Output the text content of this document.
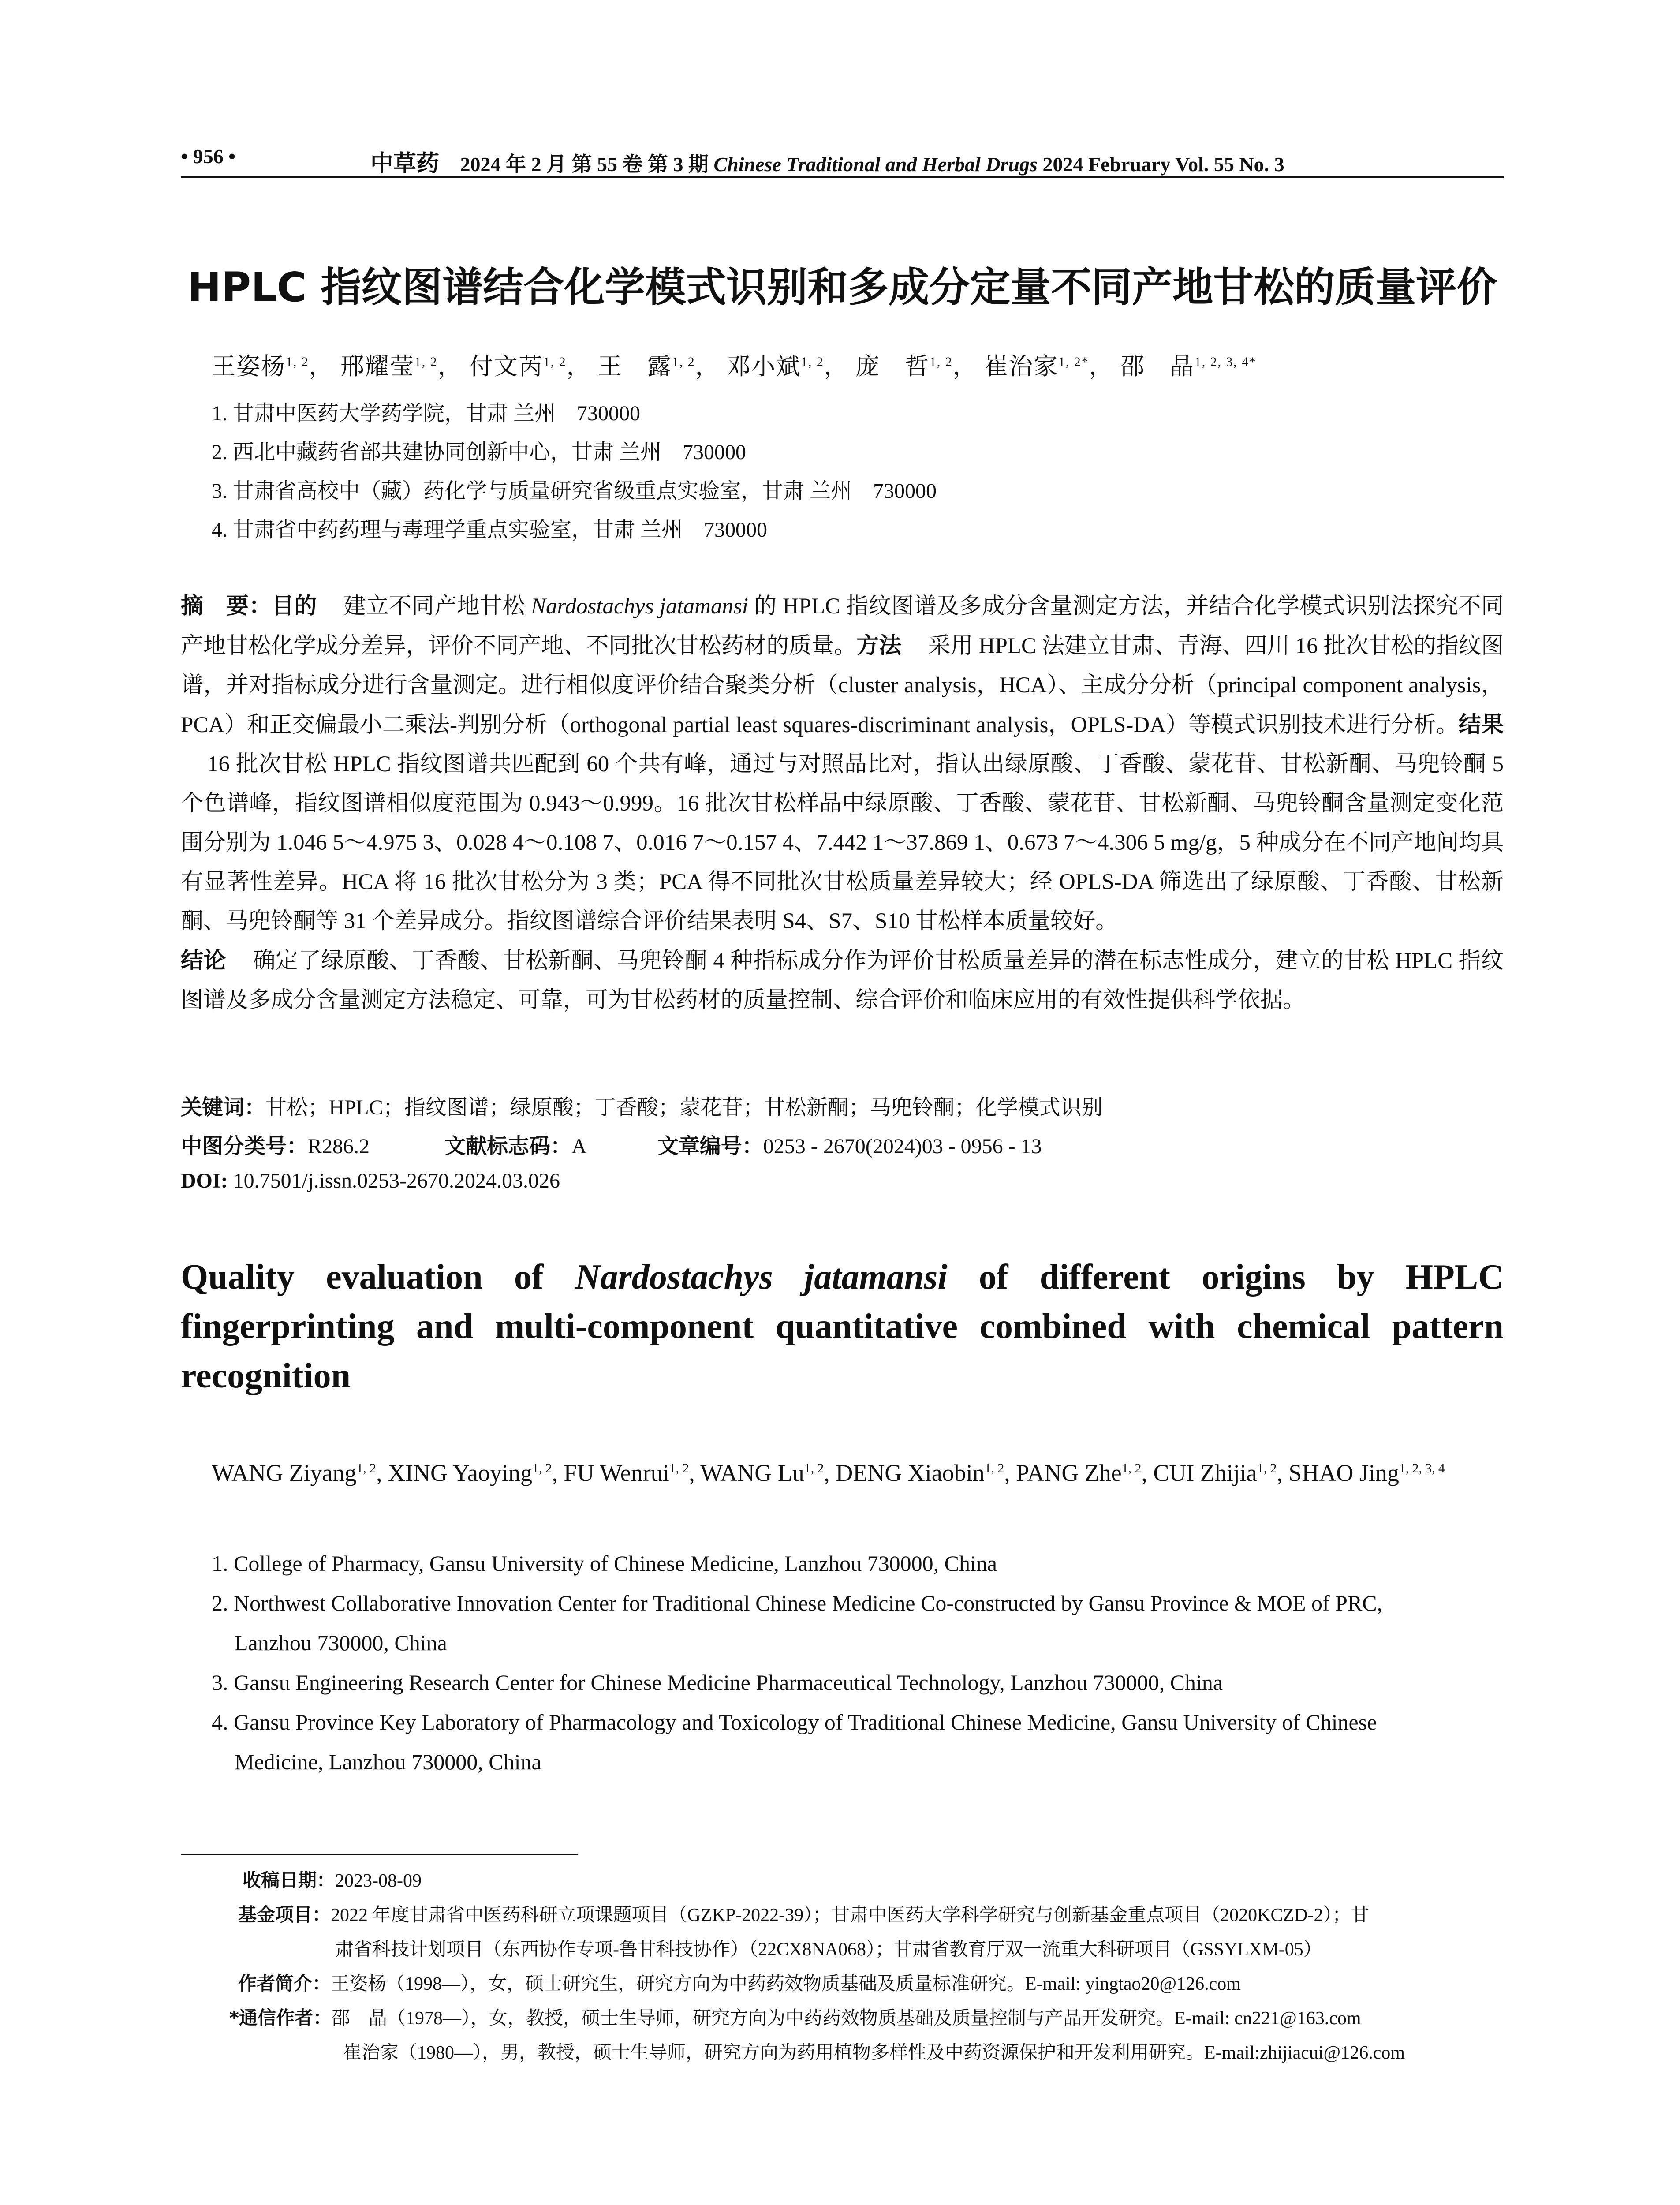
• 956 •	中草药 2024 年 2 月 第 55 卷 第 3 期 Chinese Traditional and Herbal Drugs 2024 February Vol. 55 No. 3
HPLC 指纹图谱结合化学模式识别和多成分定量不同产地甘松的质量评价
王姿杨$^{1, 2}$， 邢耀莹$^{1, 2}$， 付文芮$^{1, 2}$， 王　露$^{1, 2}$， 邓小斌$^{1, 2}$， 庞　哲$^{1, 2}$， 崔治家$^{1, 2*}$， 邵　晶$^{1, 2, 3, 4*}$
1. 甘肃中医药大学药学院，甘肃 兰州　730000
2. 西北中藏药省部共建协同创新中心，甘肃 兰州　730000
3. 甘肃省高校中（藏）药化学与质量研究省级重点实验室，甘肃 兰州　730000
4. 甘肃省中药药理与毒理学重点实验室，甘肃 兰州　730000
摘　要：目的 建立不同产地甘松 Nardostachys jatamansi 的 HPLC 指纹图谱及多成分含量测定方法，并结合化学模式识别法探究不同产地甘松化学成分差异，评价不同产地、不同批次甘松药材的质量。方法 采用 HPLC 法建立甘肃、青海、四川 16 批次甘松的指纹图谱，并对指标成分进行含量测定。进行相似度评价结合聚类分析（cluster analysis，HCA）、主成分分析（principal component analysis，PCA）和正交偏最小二乘法-判别分析（orthogonal partial least squares-discriminant analysis，OPLS-DA）等模式识别技术进行分析。结果16 批次甘松 HPLC 指纹图谱共匹配到 60 个共有峰，通过与对照品比对，指认出绿原酸、丁香酸、蒙花苷、甘松新酮、马兜铃酮 5 个色谱峰，指纹图谱相似度范围为 0.943～0.999。16 批次甘松样品中绿原酸、丁香酸、蒙花苷、甘松新酮、马兜铃酮含量测定变化范围分别为 1.046 5～4.975 3、0.028 4～0.108 7、0.016 7～0.157 4、7.442 1～37.869 1、0.673 7～4.306 5 mg/g，5 种成分在不同产地间均具有显著性差异。HCA 将 16 批次甘松分为 3 类；PCA 得不同批次甘松质量差异较大；经 OPLS-DA 筛选出了绿原酸、丁香酸、甘松新酮、马兜铃酮等 31 个差异成分。指纹图谱综合评价结果表明 S4、S7、S10 甘松样本质量较好。
结论 确定了绿原酸、丁香酸、甘松新酮、马兜铃酮 4 种指标成分作为评价甘松质量差异的潜在标志性成分，建立的甘松 HPLC 指纹图谱及多成分含量测定方法稳定、可靠，可为甘松药材的质量控制、综合评价和临床应用的有效性提供科学依据。
关键词：甘松；HPLC；指纹图谱；绿原酸；丁香酸；蒙花苷；甘松新酮；马兜铃酮；化学模式识别
中图分类号：R286.2	文献标志码：A	文章编号：0253 - 2670(2024)03 - 0956 - 13
DOI: 10.7501/j.issn.0253-2670.2024.03.026
Quality evaluation of Nardostachys jatamansi of different origins by HPLC fingerprinting and multi-component quantitative combined with chemical pattern recognition
WANG Ziyang$^{1, 2}$, XING Yaoying$^{1, 2}$, FU Wenrui$^{1, 2}$, WANG Lu$^{1, 2}$, DENG Xiaobin$^{1, 2}$, PANG Zhe$^{1, 2}$, CUI Zhijia$^{1, 2}$, SHAO Jing$^{1, 2, 3, 4}$
1. College of Pharmacy, Gansu University of Chinese Medicine, Lanzhou 730000, China
2. Northwest Collaborative Innovation Center for Traditional Chinese Medicine Co-constructed by Gansu Province & MOE of PRC,
Lanzhou 730000, China
3. Gansu Engineering Research Center for Chinese Medicine Pharmaceutical Technology, Lanzhou 730000, China
4. Gansu Province Key Laboratory of Pharmacology and Toxicology of Traditional Chinese Medicine, Gansu University of Chinese
Medicine, Lanzhou 730000, China
收稿日期：2023-08-09
基金项目：2022 年度甘肃省中医药科研立项课题项目（GZKP-2022-39）；甘肃中医药大学科学研究与创新基金重点项目（2020KCZD-2）；甘
肃省科技计划项目（东西协作专项-鲁甘科技协作）（22CX8NA068）；甘肃省教育厅双一流重大科研项目（GSSYLXM-05）
作者简介：王姿杨（1998—），女，硕士研究生，研究方向为中药药效物质基础及质量标准研究。E-mail: yingtao20@126.com
*通信作者：邵　晶（1978—），女，教授，硕士生导师，研究方向为中药药效物质基础及质量控制与产品开发研究。E-mail: cn221@163.com
崔治家（1980—），男，教授，硕士生导师，研究方向为药用植物多样性及中药资源保护和开发利用研究。E-mail:zhijiacui@126.com
